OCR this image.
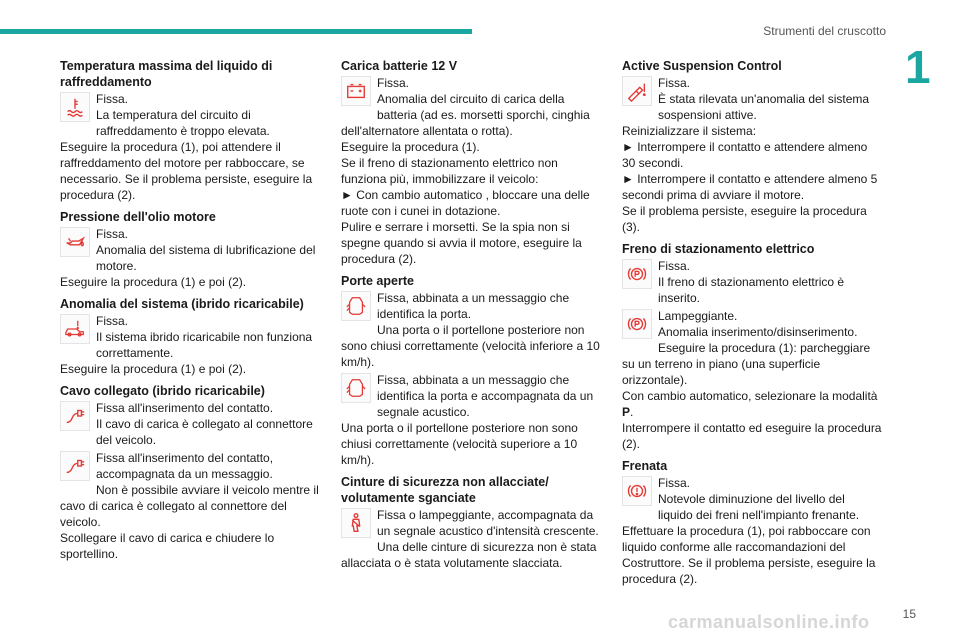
Strumenti del cruscotto
1
Temperatura massima del liquido di raffreddamento
Fissa.
La temperatura del circuito di raffreddamento è troppo elevata.
Eseguire la procedura (1), poi attendere il raffreddamento del motore per rabboccare, se necessario. Se il problema persiste, eseguire la procedura (2).
Pressione dell'olio motore
Fissa.
Anomalia del sistema di lubrificazione del motore.
Eseguire la procedura (1) e poi (2).
Anomalia del sistema (ibrido ricaricabile)
Fissa.
Il sistema ibrido ricaricabile non funziona correttamente.
Eseguire la procedura (1) e poi (2).
Cavo collegato (ibrido ricaricabile)
Fissa all'inserimento del contatto.
Il cavo di carica è collegato al connettore del veicolo.
Fissa all'inserimento del contatto, accompagnata da un messaggio.
Non è possibile avviare il veicolo mentre il cavo di carica è collegato al connettore del veicolo.
Scollegare il cavo di carica e chiudere lo sportellino.
Carica batterie 12 V
Fissa.
Anomalia del circuito di carica della batteria (ad es. morsetti sporchi, cinghia dell'alternatore allentata o rotta).
Eseguire la procedura (1).
Se il freno di stazionamento elettrico non funziona più, immobilizzare il veicolo:
► Con cambio automatico , bloccare una delle ruote con i cunei in dotazione.
Pulire e serrare i morsetti. Se la spia non si spegne quando si avvia il motore, eseguire la procedura (2).
Porte aperte
Fissa, abbinata a un messaggio che identifica la porta.
Una porta o il portellone posteriore non sono chiusi correttamente (velocità inferiore a 10 km/h).
Fissa, abbinata a un messaggio che identifica la porta e accompagnata da un segnale acustico.
Una porta o il portellone posteriore non sono chiusi correttamente (velocità superiore a 10 km/h).
Cinture di sicurezza non allacciate/ volutamente sganciate
Fissa o lampeggiante, accompagnata da un segnale acustico d'intensità crescente.
Una delle cinture di sicurezza non è stata allacciata o è stata volutamente slacciata.
Active Suspension Control
Fissa.
È stata rilevata un'anomalia del sistema sospensioni attive.
Reinizializzare il sistema:
► Interrompere il contatto e attendere almeno 30 secondi.
► Interrompere il contatto e attendere almeno 5 secondi prima di avviare il motore.
Se il problema persiste, eseguire la procedura (3).
Freno di stazionamento elettrico
Fissa.
Il freno di stazionamento elettrico è inserito.
Lampeggiante.
Anomalia inserimento/disinserimento.
Eseguire la procedura (1): parcheggiare su un terreno in piano (una superficie orizzontale).
Con cambio automatico, selezionare la modalità P.
Interrompere il contatto ed eseguire la procedura (2).
Frenata
Fissa.
Notevole diminuzione del livello del liquido dei freni nell'impianto frenante.
Effettuare la procedura (1), poi rabboccare con liquido conforme alle raccomandazioni del Costruttore. Se il problema persiste, eseguire la procedura (2).
carmanualsonline.info	15
